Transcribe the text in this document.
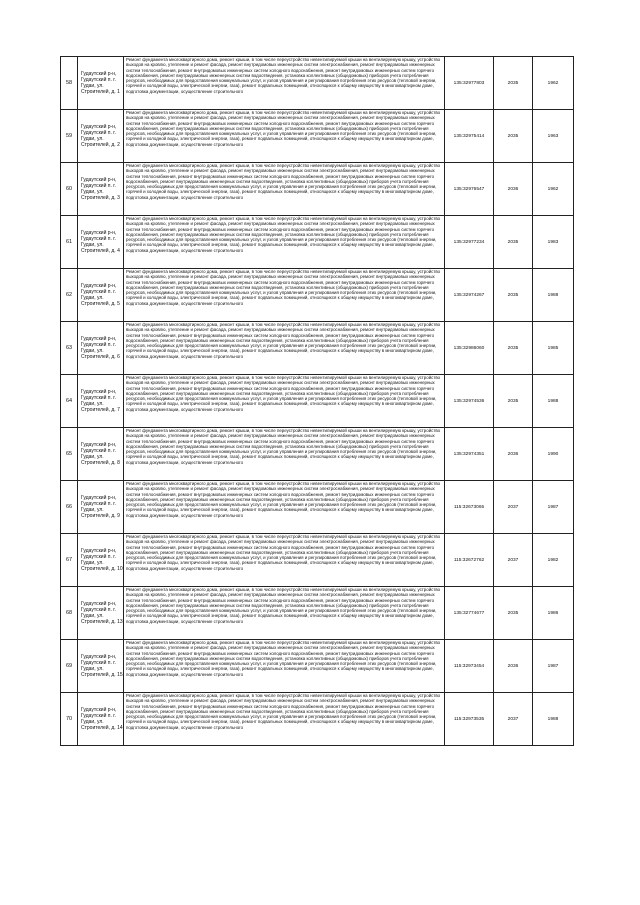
58	Гудаутский р-н, Гудаутский п. г. Гудаи, ул. Строителей, д. 1	Ремонт фундамента многоквартирного дома, ремонт крыши, в том числе переустройство невентилируемой крыши на вентилируемую крышу, устройство выходов на кровлю, утепление и ремонт фасада, ремонт внутридомовых инженерных систем электроснабжения, ремонт внутридомовых инженерных систем теплоснабжения, ремонт внутридомовых инженерных систем холодного водоснабжения, ремонт внутридомовых инженерных систем горячего водоснабжения, ремонт внутридомовых инженерных систем водоотведения, установка коллективных (общедомовых) приборов учета потребления ресурсов, необходимых для предоставления коммунальных услуг, и узлов управления и регулирования потребления этих ресурсов (тепловой энергии, горячей и холодной воды, электрической энергии, газа), ремонт подвальных помещений, относящихся к общему имуществу в многоквартирном доме, подготовка документации, осуществление строительного	135:32977803	2035	1962
59	Гудаутский р-н, Гудаутский п. г. Гудаи, ул. Строителей, д. 2	Ремонт фундамента многоквартирного дома, ремонт крыши, в том числе переустройство невентилируемой крыши на вентилируемую крышу, устройство выходов на кровлю, утепление и ремонт фасада, ремонт внутридомовых инженерных систем электроснабжения, ремонт внутридомовых инженерных систем теплоснабжения, ремонт внутридомовых инженерных систем холодного водоснабжения, ремонт внутридомовых инженерных систем горячего водоснабжения, ремонт внутридомовых инженерных систем водоотведения, установка коллективных (общедомовых) приборов учета потребления ресурсов, необходимых для предоставления коммунальных услуг, и узлов управления и регулирования потребления этих ресурсов (тепловой энергии, горячей и холодной воды, электрической энергии, газа), ремонт подвальных помещений, относящихся к общему имуществу в многоквартирном доме, подготовка документации, осуществление строительного	135:32975414	2035	1963
60	Гудаутский р-н, Гудаутский п. г. Гудаи, ул. Строителей, д. 3	Ремонт фундамента многоквартирного дома, ремонт крыши, в том числе переустройство невентилируемой крыши на вентилируемую крышу, устройство выходов на кровлю, утепление и ремонт фасада, ремонт внутридомовых инженерных систем электроснабжения, ремонт внутридомовых инженерных систем теплоснабжения, ремонт внутридомовых инженерных систем холодного водоснабжения, ремонт внутридомовых инженерных систем горячего водоснабжения, ремонт внутридомовых инженерных систем водоотведения, установка коллективных (общедомовых) приборов учета потребления ресурсов, необходимых для предоставления коммунальных услуг, и узлов управления и регулирования потребления этих ресурсов (тепловой энергии, горячей и холодной воды, электрической энергии, газа), ремонт подвальных помещений, относящихся к общему имуществу в многоквартирном доме, подготовка документации, осуществление строительного	135:32976547	2036	1962
61	Гудаутский р-н, Гудаутский п. г. Гудаи, ул. Строителей, д. 4	Ремонт фундамента многоквартирного дома, ремонт крыши, в том числе переустройство невентилируемой крыши на вентилируемую крышу, устройство выходов на кровлю, утепление и ремонт фасада, ремонт внутридомовых инженерных систем электроснабжения, ремонт внутридомовых инженерных систем теплоснабжения, ремонт внутридомовых инженерных систем холодного водоснабжения, ремонт внутридомовых инженерных систем горячего водоснабжения, ремонт внутридомовых инженерных систем водоотведения, установка коллективных (общедомовых) приборов учета потребления ресурсов, необходимых для предоставления коммунальных услуг, и узлов управления и регулирования потребления этих ресурсов (тепловой энергии, горячей и холодной воды, электрической энергии, газа), ремонт подвальных помещений, относящихся к общему имуществу в многоквартирном доме, подготовка документации, осуществление строительного	135:32977234	2035	1983
62	Гудаутский р-н, Гудаутский п. г. Гудаи, ул. Строителей, д. 5	Ремонт фундамента многоквартирного дома, ремонт крыши, в том числе переустройство невентилируемой крыши на вентилируемую крышу, устройство выходов на кровлю, утепление и ремонт фасада, ремонт внутридомовых инженерных систем электроснабжения, ремонт внутридомовых инженерных систем теплоснабжения, ремонт внутридомовых инженерных систем холодного водоснабжения, ремонт внутридомовых инженерных систем горячего водоснабжения, ремонт внутридомовых инженерных систем водоотведения, установка коллективных (общедомовых) приборов учета потребления ресурсов, необходимых для предоставления коммунальных услуг, и узлов управления и регулирования потребления этих ресурсов (тепловой энергии, горячей и холодной воды, электрической энергии, газа), ремонт подвальных помещений, относящихся к общему имуществу в многоквартирном доме, подготовка документации, осуществление строительного	135:32974267	2035	1988
63	Гудаутский р-н, Гудаутский п. г. Гудаи, ул. Строителей, д. 6	Ремонт фундамента многоквартирного дома, ремонт крыши, в том числе переустройство невентилируемой крыши на вентилируемую крышу, устройство выходов на кровлю, утепление и ремонт фасада, ремонт внутридомовых инженерных систем электроснабжения, ремонт внутридомовых инженерных систем теплоснабжения, ремонт внутридомовых инженерных систем холодного водоснабжения, ремонт внутридомовых инженерных систем горячего водоснабжения, ремонт внутридомовых инженерных систем водоотведения, установка коллективных (общедомовых) приборов учета потребления ресурсов, необходимых для предоставления коммунальных услуг, и узлов управления и регулирования потребления этих ресурсов (тепловой энергии, горячей и холодной воды, электрической энергии, газа), ремонт подвальных помещений, относящихся к общему имуществу в многоквартирном доме, подготовка документации, осуществление строительного	135:32986060	2035	1985
64	Гудаутский р-н, Гудаутский п. г. Гудаи, ул. Строителей, д. 7	Ремонт фундамента многоквартирного дома, ремонт крыши, в том числе переустройство невентилируемой крыши на вентилируемую крышу, устройство выходов на кровлю, утепление и ремонт фасада, ремонт внутридомовых инженерных систем электроснабжения, ремонт внутридомовых инженерных систем теплоснабжения, ремонт внутридомовых инженерных систем холодного водоснабжения, ремонт внутридомовых инженерных систем горячего водоснабжения, ремонт внутридомовых инженерных систем водоотведения, установка коллективных (общедомовых) приборов учета потребления ресурсов, необходимых для предоставления коммунальных услуг, и узлов управления и регулирования потребления этих ресурсов (тепловой энергии, горячей и холодной воды, электрической энергии, газа), ремонт подвальных помещений, относящихся к общему имуществу в многоквартирном доме, подготовка документации, осуществление строительного	135:32974536	2035	1988
65	Гудаутский р-н, Гудаутский п. г. Гудаи, ул. Строителей, д. 8	Ремонт фундамента многоквартирного дома, ремонт крыши, в том числе переустройство невентилируемой крыши на вентилируемую крышу, устройство выходов на кровлю, утепление и ремонт фасада, ремонт внутридомовых инженерных систем электроснабжения, ремонт внутридомовых инженерных систем теплоснабжения, ремонт внутридомовых инженерных систем холодного водоснабжения, ремонт внутридомовых инженерных систем горячего водоснабжения, ремонт внутридомовых инженерных систем водоотведения, установка коллективных (общедомовых) приборов учета потребления ресурсов, необходимых для предоставления коммунальных услуг, и узлов управления и регулирования потребления этих ресурсов (тепловой энергии, горячей и холодной воды, электрической энергии, газа), ремонт подвальных помещений, относящихся к общему имуществу в многоквартирном доме, подготовка документации, осуществление строительного	135:32974351	2036	1990
66	Гудаутский р-н, Гудаутский п. г. Гудаи, ул. Строителей, д. 9	Ремонт фундамента многоквартирного дома, ремонт крыши, в том числе переустройство невентилируемой крыши на вентилируемую крышу, устройство выходов на кровлю, утепление и ремонт фасада, ремонт внутридомовых инженерных систем электроснабжения, ремонт внутридомовых инженерных систем теплоснабжения, ремонт внутридомовых инженерных систем холодного водоснабжения, ремонт внутридомовых инженерных систем горячего водоснабжения, ремонт внутридомовых инженерных систем водоотведения, установка коллективных (общедомовых) приборов учета потребления ресурсов, необходимых для предоставления коммунальных услуг, и узлов управления и регулирования потребления этих ресурсов (тепловой энергии, горячей и холодной воды, электрической энергии, газа), ремонт подвальных помещений, относящихся к общему имуществу в многоквартирном доме, подготовка документации, осуществление строительного	115:32673065	2037	1987
67	Гудаутский р-н, Гудаутский п. г. Гудаи, ул. Строителей, д. 10	Ремонт фундамента многоквартирного дома, ремонт крыши, в том числе переустройство невентилируемой крыши на вентилируемую крышу, устройство выходов на кровлю, утепление и ремонт фасада, ремонт внутридомовых инженерных систем электроснабжения, ремонт внутридомовых инженерных систем теплоснабжения, ремонт внутридомовых инженерных систем холодного водоснабжения, ремонт внутридомовых инженерных систем горячего водоснабжения, ремонт внутридомовых инженерных систем водоотведения, установка коллективных (общедомовых) приборов учета потребления ресурсов, необходимых для предоставления коммунальных услуг, и узлов управления и регулирования потребления этих ресурсов (тепловой энергии, горячей и холодной воды, электрической энергии, газа), ремонт подвальных помещений, относящихся к общему имуществу в многоквартирном доме, подготовка документации, осуществление строительного	115:32672762	2037	1982
68	Гудаутский р-н, Гудаутский п. г. Гудаи, ул. Строителей, д. 13	Ремонт фундамента многоквартирного дома, ремонт крыши, в том числе переустройство невентилируемой крыши на вентилируемую крышу, устройство выходов на кровлю, утепление и ремонт фасада, ремонт внутридомовых инженерных систем электроснабжения, ремонт внутридомовых инженерных систем теплоснабжения, ремонт внутридомовых инженерных систем холодного водоснабжения, ремонт внутридомовых инженерных систем горячего водоснабжения, ремонт внутридомовых инженерных систем водоотведения, установка коллективных (общедомовых) приборов учета потребления ресурсов, необходимых для предоставления коммунальных услуг, и узлов управления и регулирования потребления этих ресурсов (тепловой энергии, горячей и холодной воды, электрической энергии, газа), ремонт подвальных помещений, относящихся к общему имуществу в многоквартирном доме, подготовка документации, осуществление строительного	135:32774677	2035	1986
69	Гудаутский р-н, Гудаутский п. г. Гудаи, ул. Строителей, д. 15	Ремонт фундамента многоквартирного дома, ремонт крыши, в том числе переустройство невентилируемой крыши на вентилируемую крышу, устройство выходов на кровлю, утепление и ремонт фасада, ремонт внутридомовых инженерных систем электроснабжения, ремонт внутридомовых инженерных систем теплоснабжения, ремонт внутридомовых инженерных систем холодного водоснабжения, ремонт внутридомовых инженерных систем горячего водоснабжения, ремонт внутридомовых инженерных систем водоотведения, установка коллективных (общедомовых) приборов учета потребления ресурсов, необходимых для предоставления коммунальных услуг, и узлов управления и регулирования потребления этих ресурсов (тепловой энергии, горячей и холодной воды, электрической энергии, газа), ремонт подвальных помещений, относящихся к общему имуществу в многоквартирном доме, подготовка документации, осуществление строительного	115:32973454	2036	1987
70	Гудаутский р-н, Гудаутский п. г. Гудаи, ул. Строителей, д. 14	Ремонт фундамента многоквартирного дома, ремонт крыши, в том числе переустройство невентилируемой крыши на вентилируемую крышу, устройство выходов на кровлю, утепление и ремонт фасада, ремонт внутридомовых инженерных систем электроснабжения, ремонт внутридомовых инженерных систем теплоснабжения, ремонт внутридомовых инженерных систем холодного водоснабжения, ремонт внутридомовых инженерных систем горячего водоснабжения, ремонт внутридомовых инженерных систем водоотведения, установка коллективных (общедомовых) приборов учета потребления ресурсов, необходимых для предоставления коммунальных услуг, и узлов управления и регулирования потребления этих ресурсов (тепловой энергии, горячей и холодной воды, электрической энергии, газа), ремонт подвальных помещений, относящихся к общему имуществу в многоквартирном доме, подготовка документации, осуществление строительного	115:32973535	2037	1988
